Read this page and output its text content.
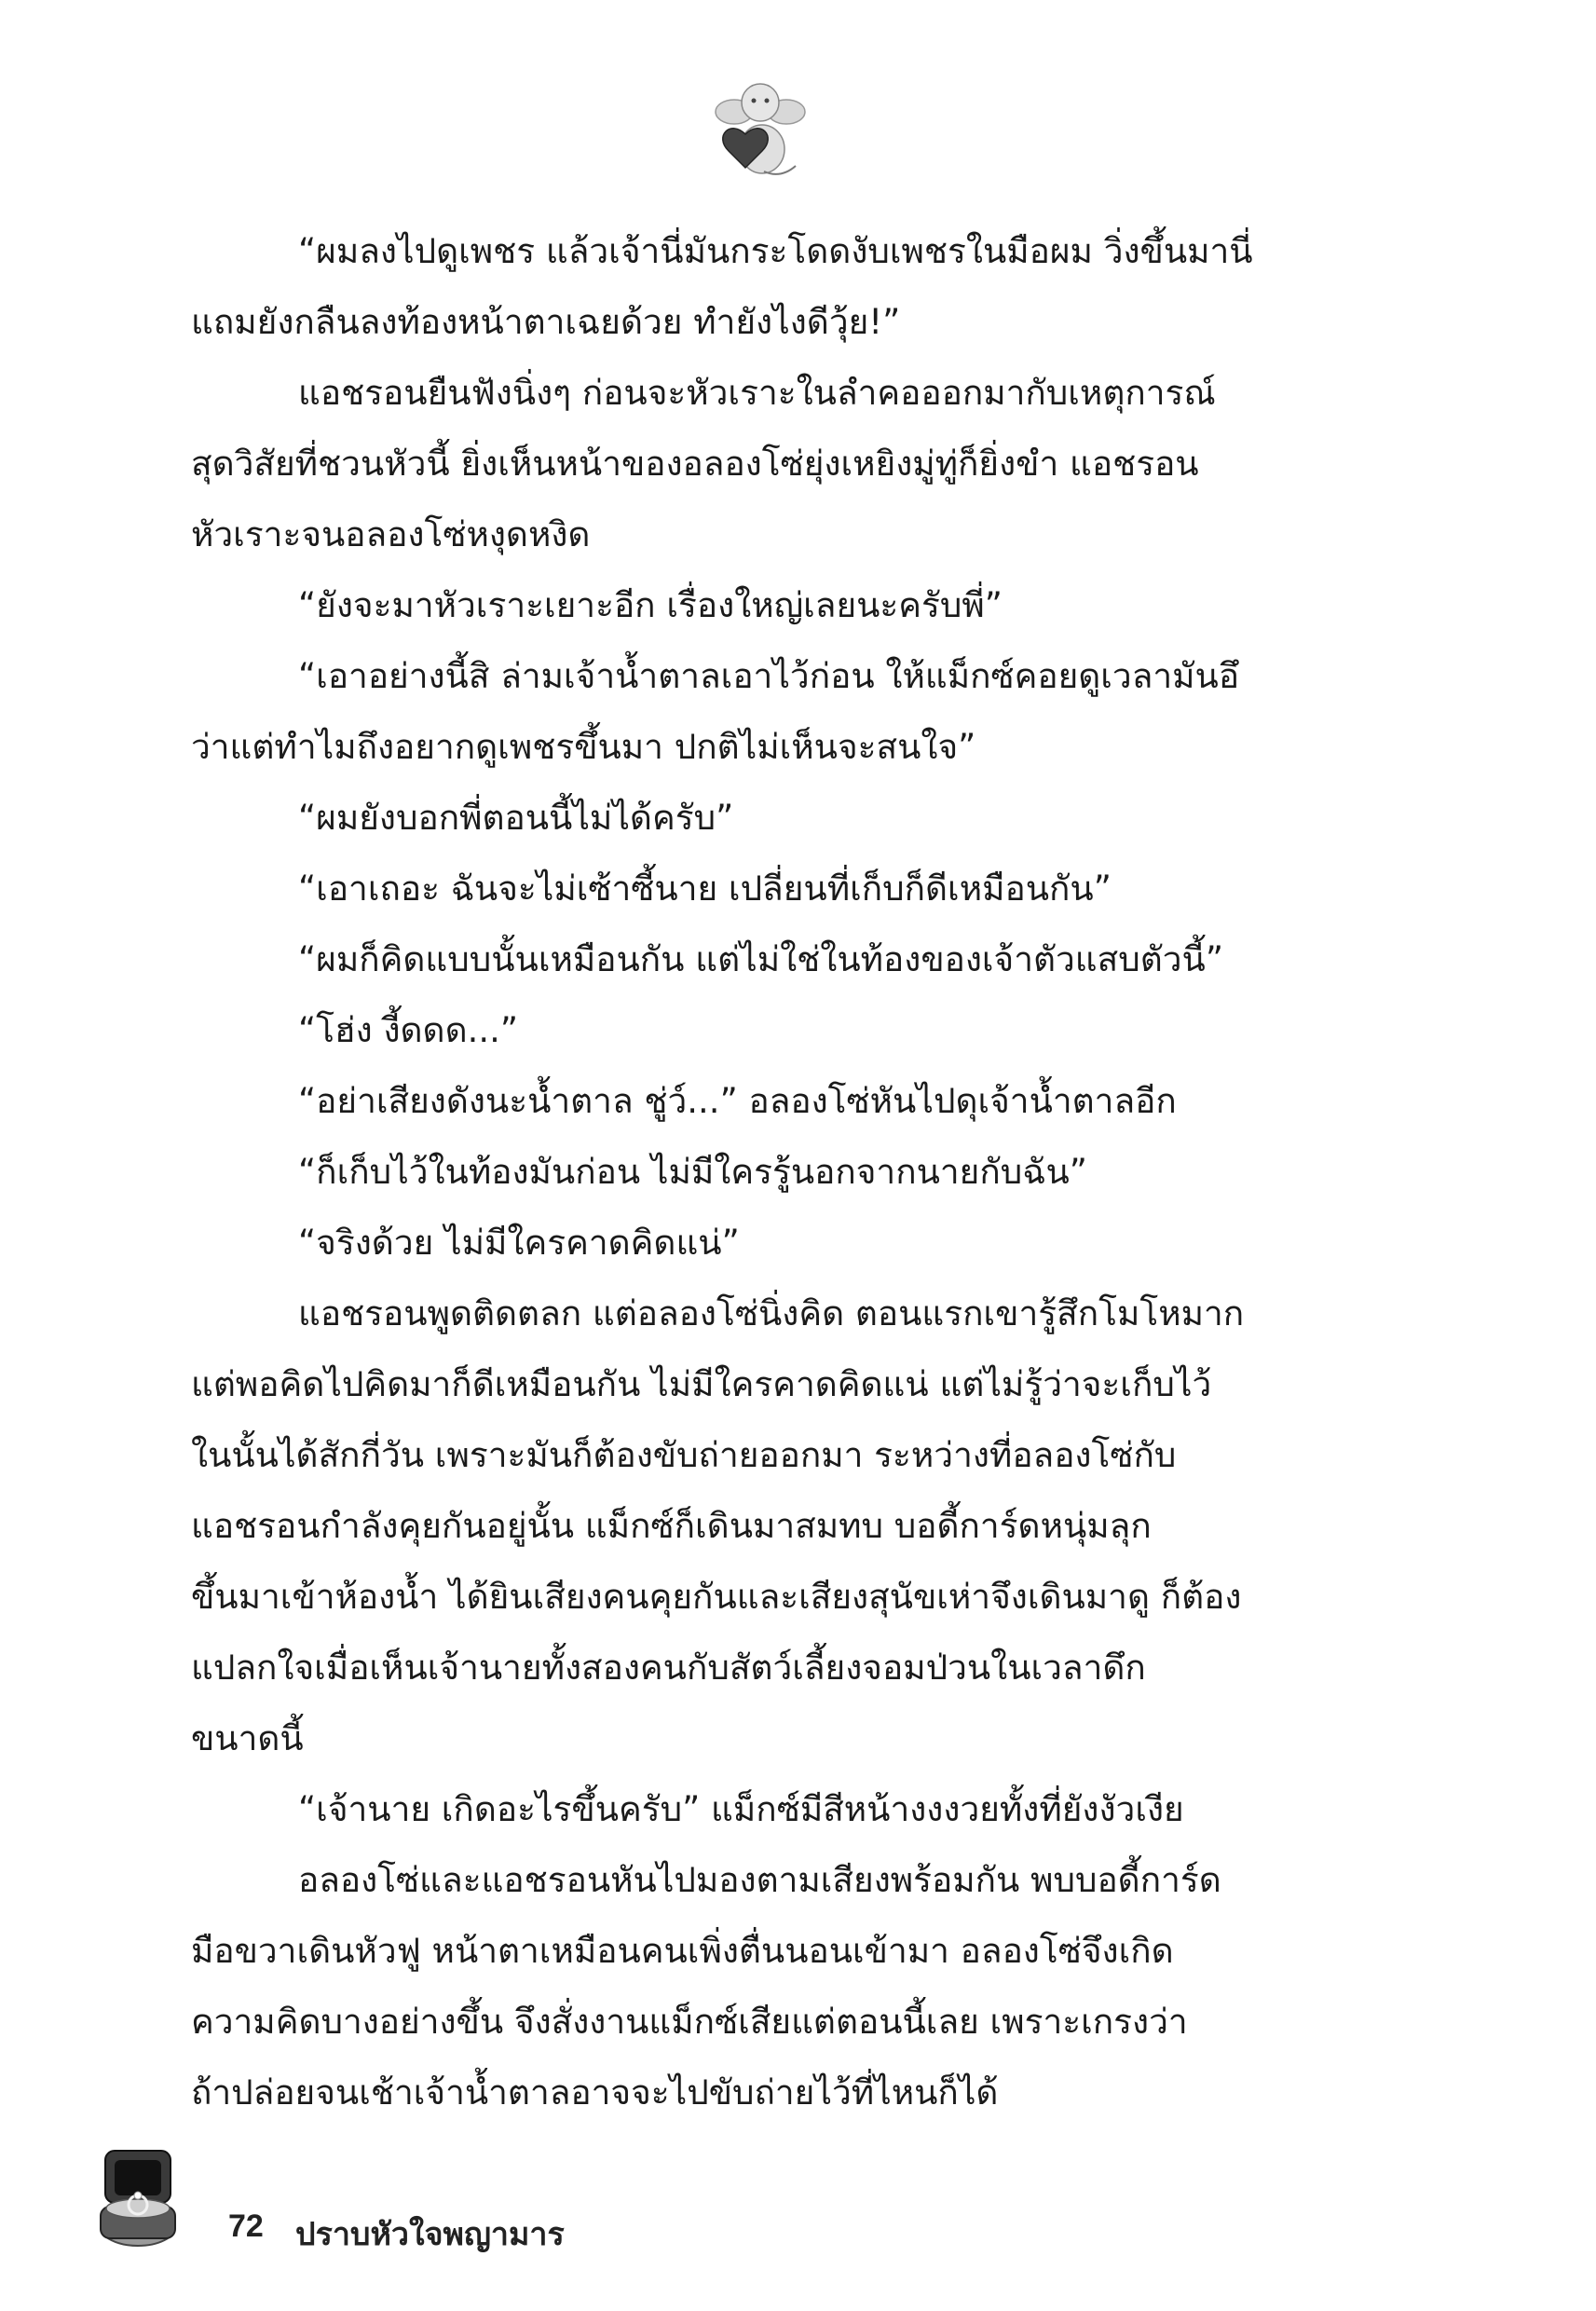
“ผมลงไปดูเพชร แล้วเจ้านี่มันกระโดดงับเพชรในมือผม วิ่งขึ้นมานี่
แถมยังกลืนลงท้องหน้าตาเฉยด้วย ทำยังไงดีวุ้ย!”
แอชรอนยืนฟังนิ่งๆ ก่อนจะหัวเราะในลำคอออกมากับเหตุการณ์
สุดวิสัยที่ชวนหัวนี้ ยิ่งเห็นหน้าของอลองโซ่ยุ่งเหยิงมู่ทู่ก็ยิ่งขำ แอชรอน
หัวเราะจนอลองโซ่หงุดหงิด
“ยังจะมาหัวเราะเยาะอีก เรื่องใหญ่เลยนะครับพี่”
“เอาอย่างนี้สิ ล่ามเจ้าน้ำตาลเอาไว้ก่อน ให้แม็กซ์คอยดูเวลามันอึ
ว่าแต่ทำไมถึงอยากดูเพชรขึ้นมา ปกติไม่เห็นจะสนใจ”
“ผมยังบอกพี่ตอนนี้ไม่ได้ครับ”
“เอาเถอะ ฉันจะไม่เซ้าซี้นาย เปลี่ยนที่เก็บก็ดีเหมือนกัน”
“ผมก็คิดแบบนั้นเหมือนกัน แต่ไม่ใช่ในท้องของเจ้าตัวแสบตัวนี้”
“โฮ่ง งี้ดดด...”
“อย่าเสียงดังนะน้ำตาล ชู่ว์...” อลองโซ่หันไปดุเจ้าน้ำตาลอีก
“ก็เก็บไว้ในท้องมันก่อน ไม่มีใครรู้นอกจากนายกับฉัน”
“จริงด้วย ไม่มีใครคาดคิดแน่”
แอชรอนพูดติดตลก แต่อลองโซ่นิ่งคิด ตอนแรกเขารู้สึกโมโหมาก
แต่พอคิดไปคิดมาก็ดีเหมือนกัน ไม่มีใครคาดคิดแน่ แต่ไม่รู้ว่าจะเก็บไว้
ในนั้นได้สักกี่วัน เพราะมันก็ต้องขับถ่ายออกมา ระหว่างที่อลองโซ่กับ
แอชรอนกำลังคุยกันอยู่นั้น แม็กซ์ก็เดินมาสมทบ บอดี้การ์ดหนุ่มลุก
ขึ้นมาเข้าห้องน้ำ ได้ยินเสียงคนคุยกันและเสียงสุนัขเห่าจึงเดินมาดู ก็ต้อง
แปลกใจเมื่อเห็นเจ้านายทั้งสองคนกับสัตว์เลี้ยงจอมป่วนในเวลาดึก
ขนาดนี้
“เจ้านาย เกิดอะไรขึ้นครับ” แม็กซ์มีสีหน้างงงวยทั้งที่ยังงัวเงีย
อลองโซ่และแอชรอนหันไปมองตามเสียงพร้อมกัน พบบอดี้การ์ด
มือขวาเดินหัวฟู หน้าตาเหมือนคนเพิ่งตื่นนอนเข้ามา อลองโซ่จึงเกิด
ความคิดบางอย่างขึ้น จึงสั่งงานแม็กซ์เสียแต่ตอนนี้เลย เพราะเกรงว่า
ถ้าปล่อยจนเช้าเจ้าน้ำตาลอาจจะไปขับถ่ายไว้ที่ไหนก็ได้
72 ปราบหัวใจพญามาร
